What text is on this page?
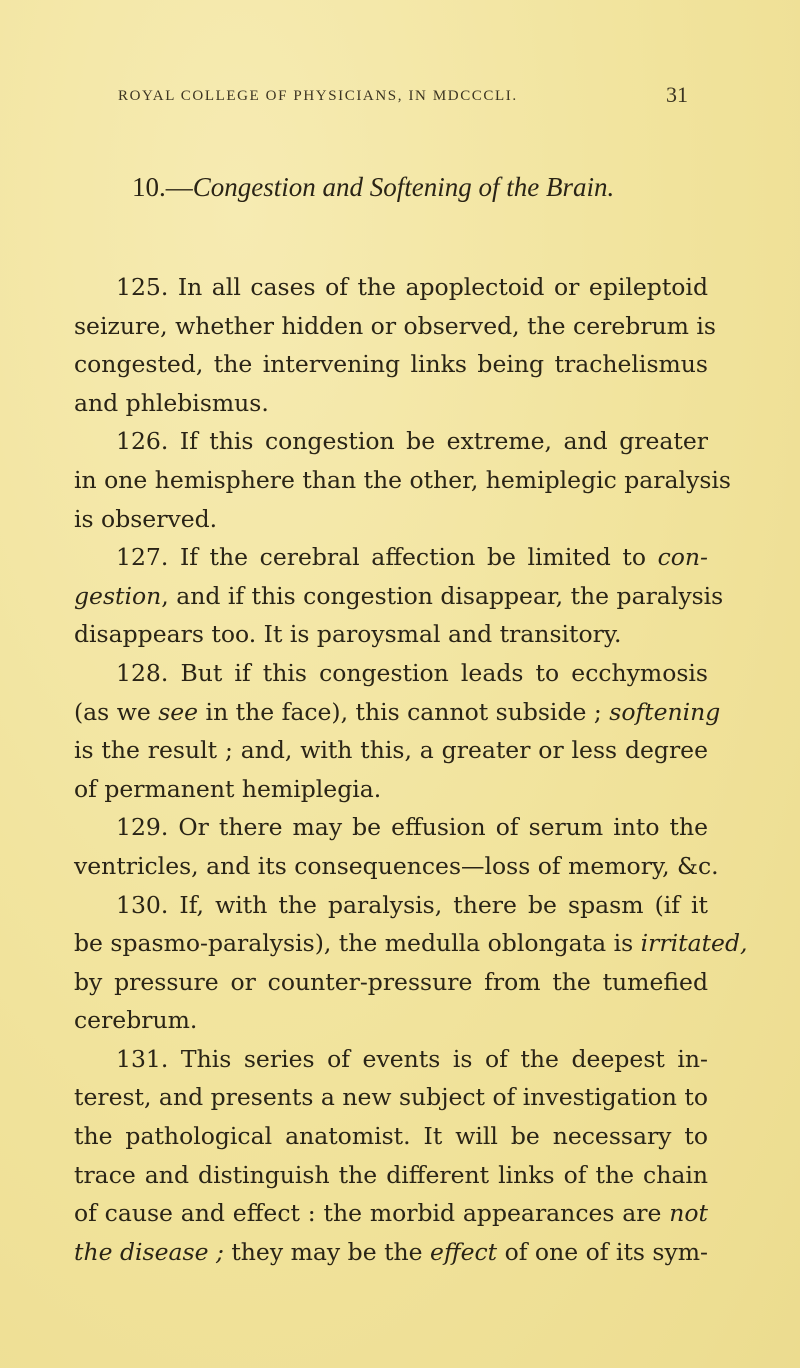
ROYAL COLLEGE OF PHYSICIANS, IN MDCCCLI.	31
10.—Congestion and Softening of the Brain.
125. In all cases of the apoplectoid or epileptoid
seizure, whether hidden or observed, the cerebrum is
congested, the intervening links being trachelismus
and phlebismus.
126. If this congestion be extreme, and greater
in one hemisphere than the other, hemiplegic paralysis
is observed.
127. If the cerebral affection be limited to con-
gestion, and if this congestion disappear, the paralysis
disappears too. It is paroysmal and transitory.
128. But if this congestion leads to ecchymosis
(as we see in the face), this cannot subside ; softening
is the result ; and, with this, a greater or less degree
of permanent hemiplegia.
129. Or there may be effusion of serum into the
ventricles, and its consequences—loss of memory, &c.
130. If, with the paralysis, there be spasm (if it
be spasmo-paralysis), the medulla oblongata is irritated,
by pressure or counter-pressure from the tumefied
cerebrum.
131. This series of events is of the deepest in-
terest, and presents a new subject of investigation to
the pathological anatomist. It will be necessary to
trace and distinguish the different links of the chain
of cause and effect : the morbid appearances are not
the disease ; they may be the effect of one of its sym-
